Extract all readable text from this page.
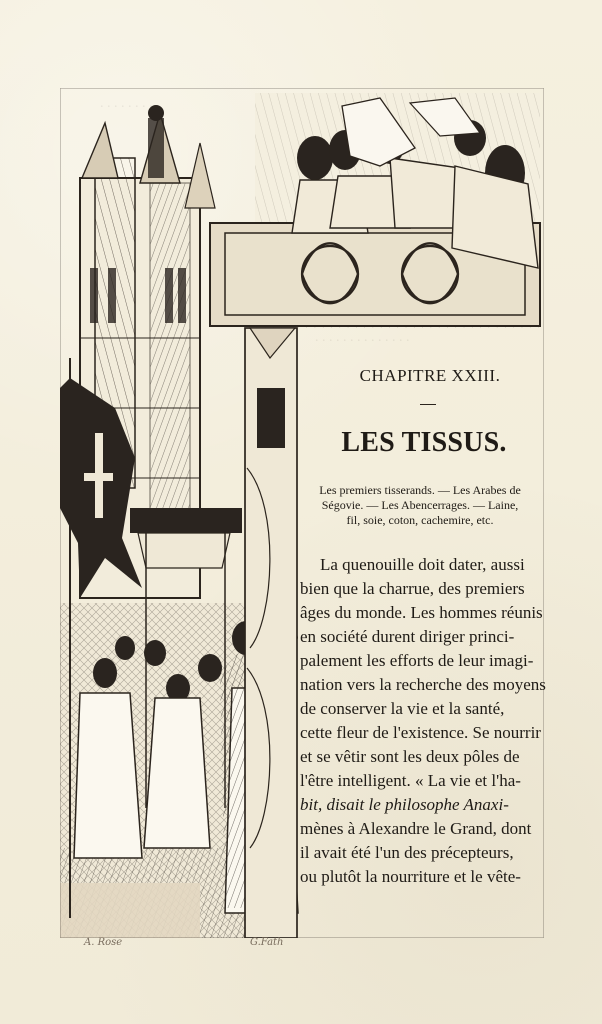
. . . . . . . . .
. . . . . . . . . . . . . .
A. Rose	G.Fath
CHAPITRE XXIII.
LES TISSUS.
Les premiers tisserands. — Les Arabes de
Ségovie. — Les Abencerrages. — Laine,
fil, soie, coton, cachemire, etc.
La quenouille doit dater, aussi
bien que la charrue, des premiers
âges du monde. Les hommes réunis
en société durent diriger princi-
palement les efforts de leur imagi-
nation vers la recherche des moyens
de conserver la vie et la santé,
cette fleur de l'existence. Se nourrir
et se vêtir sont les deux pôles de
l'être intelligent. « La vie et l'ha-
bit, disait le philosophe Anaxi-
mènes à Alexandre le Grand, dont
il avait été l'un des précepteurs,
ou plutôt la nourriture et le vête-
